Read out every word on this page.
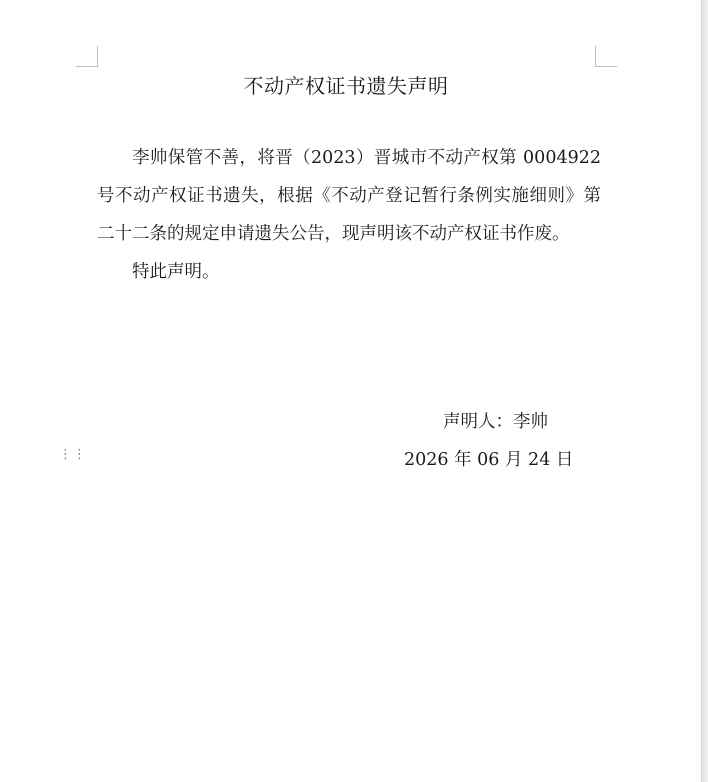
不动产权证书遗失声明

李帅保管不善，将晋（2023）晋城市不动产权第 0004922 号不动产权证书遗失，根据《不动产登记暂行条例实施细则》第二十二条的规定申请遗失公告，现声明该不动产权证书作废。

特此声明。

声明人：李帅
2026 年 06 月 24 日
⋮⋮
